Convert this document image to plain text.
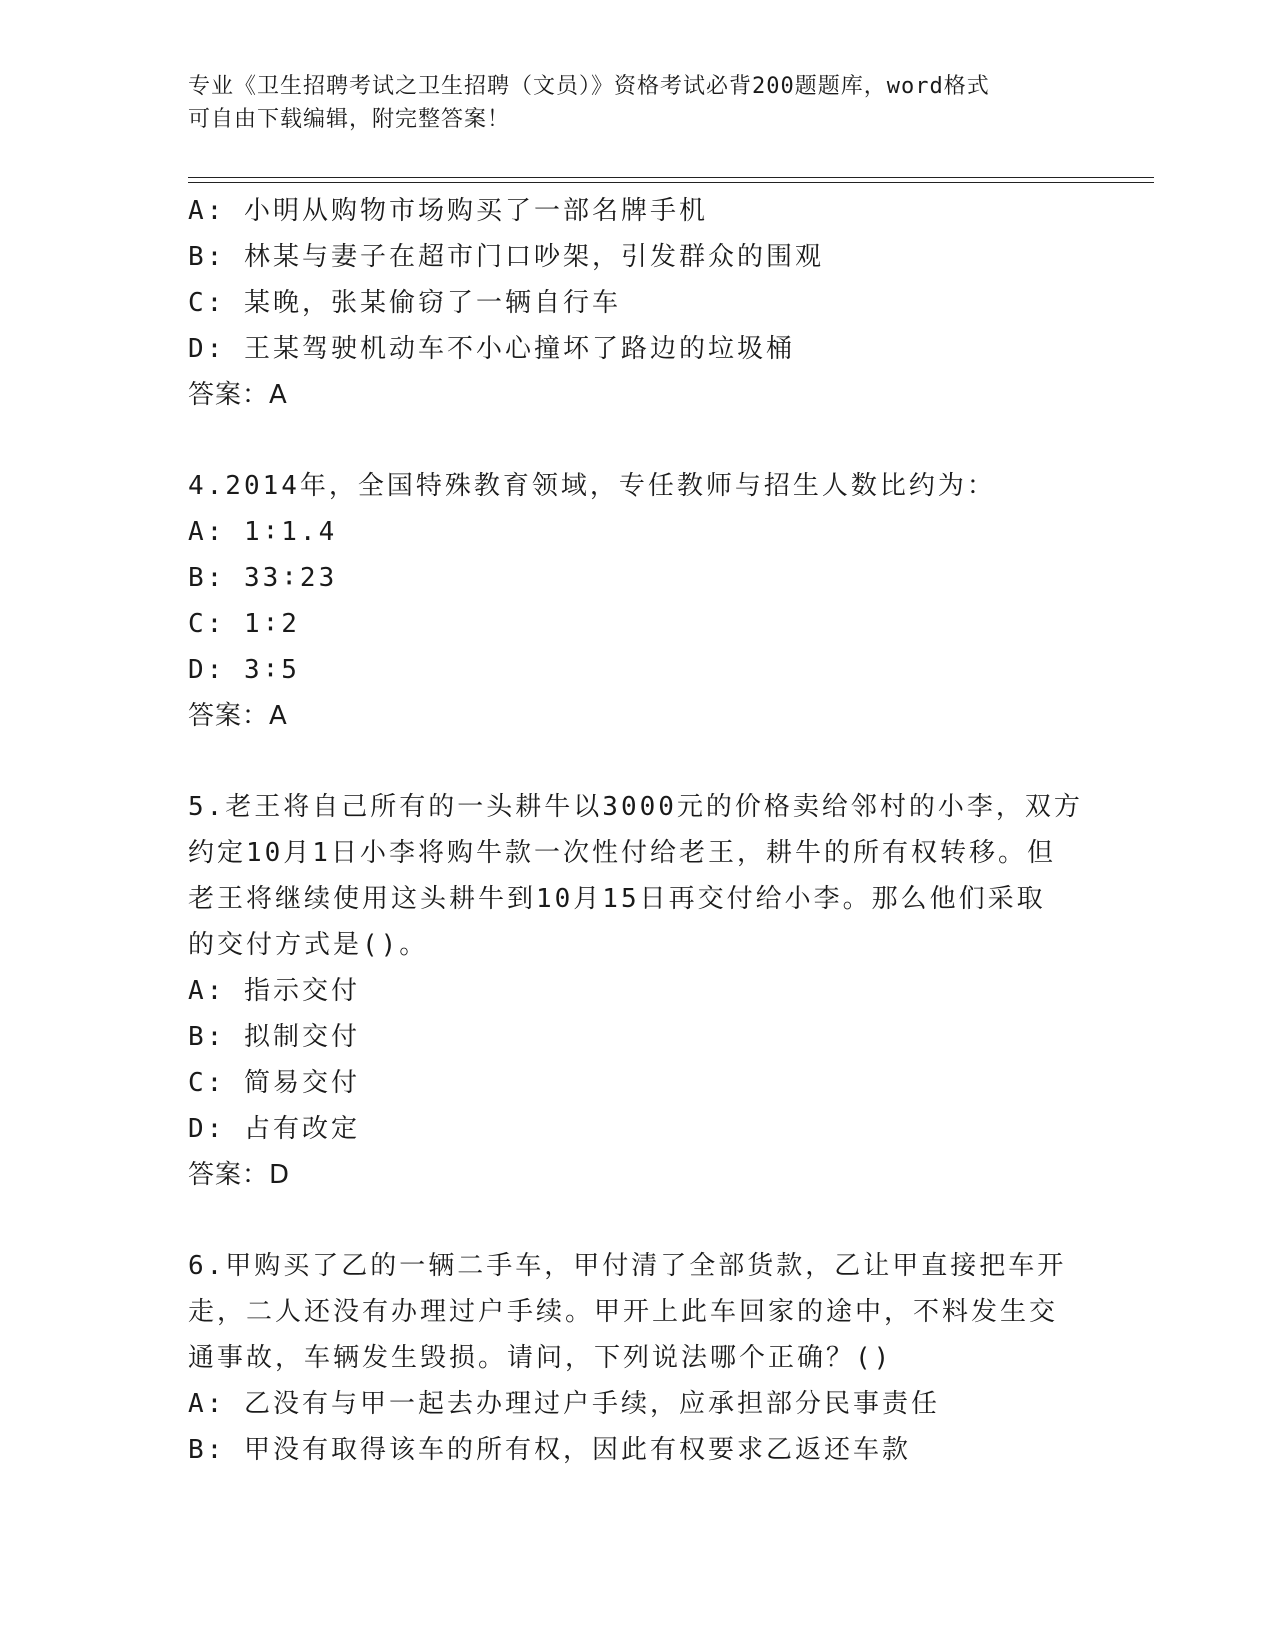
专业《卫生招聘考试之卫生招聘（文员）》资格考试必背200题题库，word格式
可自由下载编辑，附完整答案！
A: 小明从购物市场购买了一部名牌手机
B: 林某与妻子在超市门口吵架，引发群众的围观
C: 某晚，张某偷窃了一辆自行车
D: 王某驾驶机动车不小心撞坏了路边的垃圾桶
答案：A
4.2014年，全国特殊教育领域，专任教师与招生人数比约为：
A: 1∶1.4
B: 33∶23
C: 1∶2
D: 3∶5
答案：A
5.老王将自己所有的一头耕牛以3000元的价格卖给邻村的小李，双方
约定10月1日小李将购牛款一次性付给老王，耕牛的所有权转移。但
老王将继续使用这头耕牛到10月15日再交付给小李。那么他们采取
的交付方式是()。
A: 指示交付
B: 拟制交付
C: 简易交付
D: 占有改定
答案：D
6.甲购买了乙的一辆二手车，甲付清了全部货款，乙让甲直接把车开
走，二人还没有办理过户手续。甲开上此车回家的途中，不料发生交
通事故，车辆发生毁损。请问，下列说法哪个正确？()
A: 乙没有与甲一起去办理过户手续，应承担部分民事责任
B: 甲没有取得该车的所有权，因此有权要求乙返还车款
